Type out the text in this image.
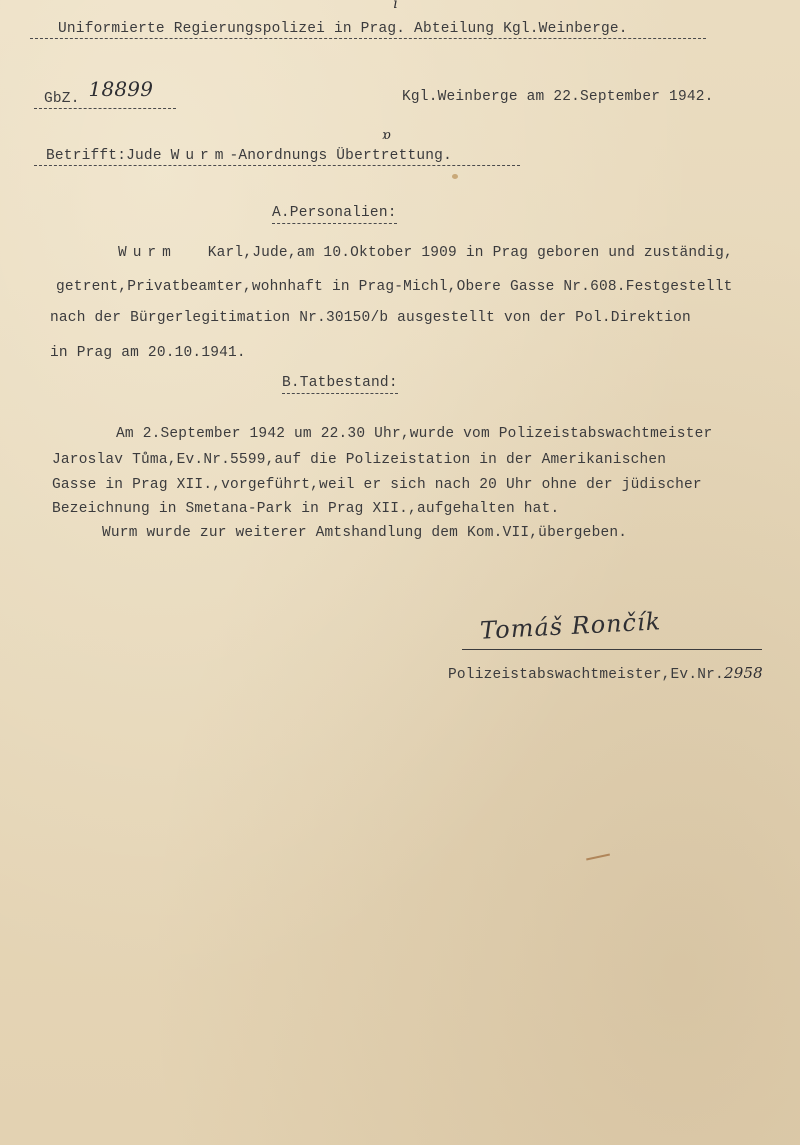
ı
Uniformierte Regierungspolizei in Prag. Abteilung Kgl.Weinberge.
GbZ. 18899	Kgl.Weinberge am 22.September 1942.
Betrifft:Jude Wurm-Anordnungs Übertrettung.
ɒ
A.Personalien:
Wurm Karl,Jude,am 10.Oktober 1909 in Prag geboren und zuständig,
getrent,Privatbeamter,wohnhaft in Prag-Michl,Obere Gasse Nr.608.Festgestellt
nach der Bürgerlegitimation Nr.30150/b ausgestellt von der Pol.Direktion
in Prag am 20.10.1941.
B.Tatbestand:
Am 2.September 1942 um 22.30 Uhr,wurde vom Polizeistabswachtmeister
Jaroslav Tůma,Ev.Nr.5599,auf die Polizeistation in der Amerikanischen
Gasse in Prag XII.,vorgeführt,weil er sich nach 20 Uhr ohne der jüdischer
Bezeichnung in Smetana-Park in Prag XII.,aufgehalten hat.
Wurm wurde zur weiterer Amtshandlung dem Kom.VII,übergeben.
Tomáš Rončík
Polizeistabswachtmeister,Ev.Nr.2958
